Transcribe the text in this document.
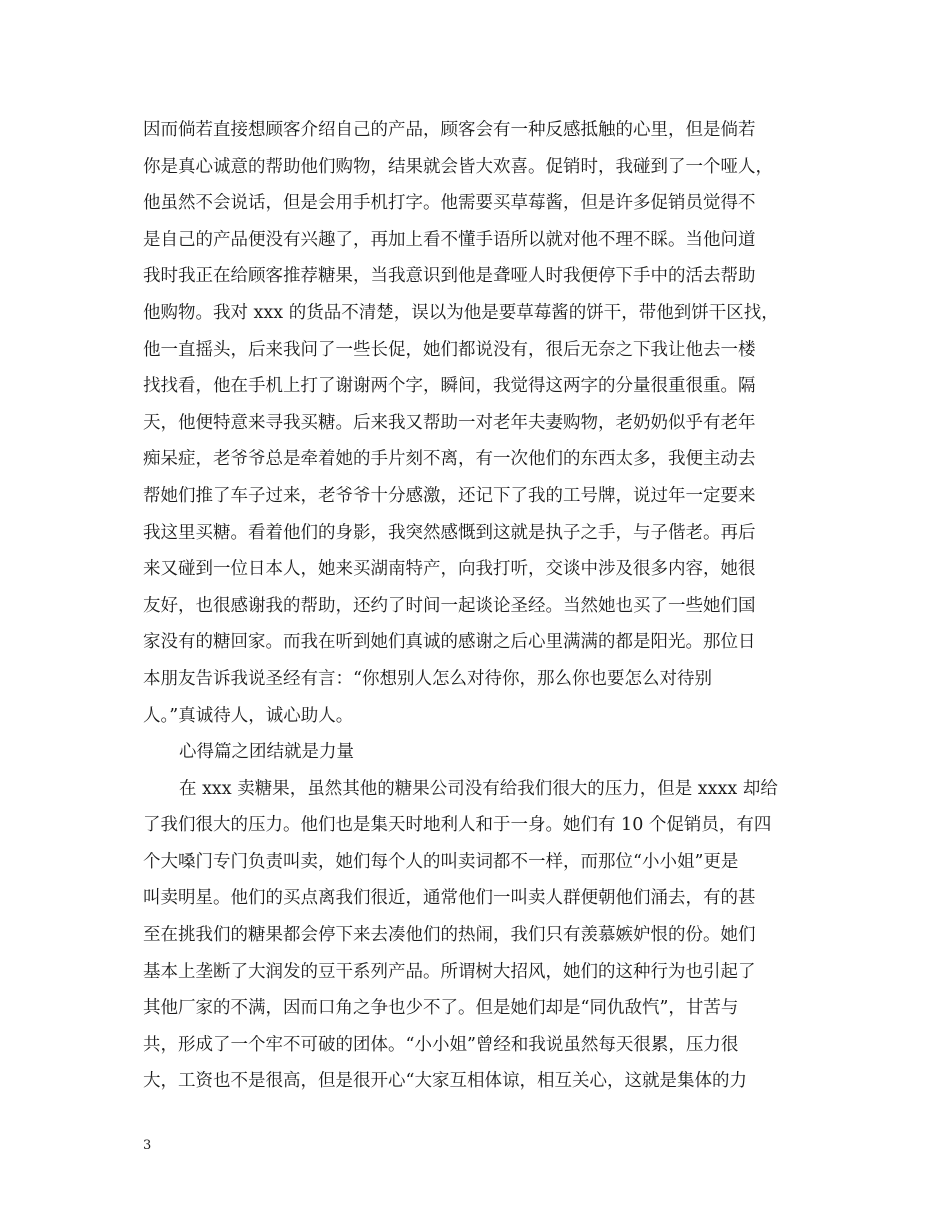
因而倘若直接想顾客介绍自己的产品，顾客会有一种反感抵触的心里，但是倘若
你是真心诚意的帮助他们购物，结果就会皆大欢喜。促销时，我碰到了一个哑人，
他虽然不会说话，但是会用手机打字。他需要买草莓酱，但是许多促销员觉得不
是自己的产品便没有兴趣了，再加上看不懂手语所以就对他不理不睬。当他问道
我时我正在给顾客推荐糖果，当我意识到他是聋哑人时我便停下手中的活去帮助
他购物。我对 xxx 的货品不清楚，误以为他是要草莓酱的饼干，带他到饼干区找，
他一直摇头，后来我问了一些长促，她们都说没有，很后无奈之下我让他去一楼
找找看，他在手机上打了谢谢两个字，瞬间，我觉得这两字的分量很重很重。隔
天，他便特意来寻我买糖。后来我又帮助一对老年夫妻购物，老奶奶似乎有老年
痴呆症，老爷爷总是牵着她的手片刻不离，有一次他们的东西太多，我便主动去
帮她们推了车子过来，老爷爷十分感激，还记下了我的工号牌，说过年一定要来
我这里买糖。看着他们的身影，我突然感慨到这就是执子之手，与子偕老。再后
来又碰到一位日本人，她来买湖南特产，向我打听，交谈中涉及很多内容，她很
友好，也很感谢我的帮助，还约了时间一起谈论圣经。当然她也买了一些她们国
家没有的糖回家。而我在听到她们真诚的感谢之后心里满满的都是阳光。那位日
本朋友告诉我说圣经有言：“你想别人怎么对待你，那么你也要怎么对待别
人。”真诚待人，诚心助人。
心得篇之团结就是力量
在 xxx 卖糖果，虽然其他的糖果公司没有给我们很大的压力，但是 xxxx 却给
了我们很大的压力。他们也是集天时地利人和于一身。她们有 10 个促销员，有四
个大嗓门专门负责叫卖，她们每个人的叫卖词都不一样，而那位“小小姐”更是
叫卖明星。他们的买点离我们很近，通常他们一叫卖人群便朝他们涌去，有的甚
至在挑我们的糖果都会停下来去凑他们的热闹，我们只有羡慕嫉妒恨的份。她们
基本上垄断了大润发的豆干系列产品。所谓树大招风，她们的这种行为也引起了
其他厂家的不满，因而口角之争也少不了。但是她们却是“同仇敌忾”，甘苦与
共，形成了一个牢不可破的团体。“小小姐”曾经和我说虽然每天很累，压力很
大，工资也不是很高，但是很开心“大家互相体谅，相互关心，这就是集体的力
3
